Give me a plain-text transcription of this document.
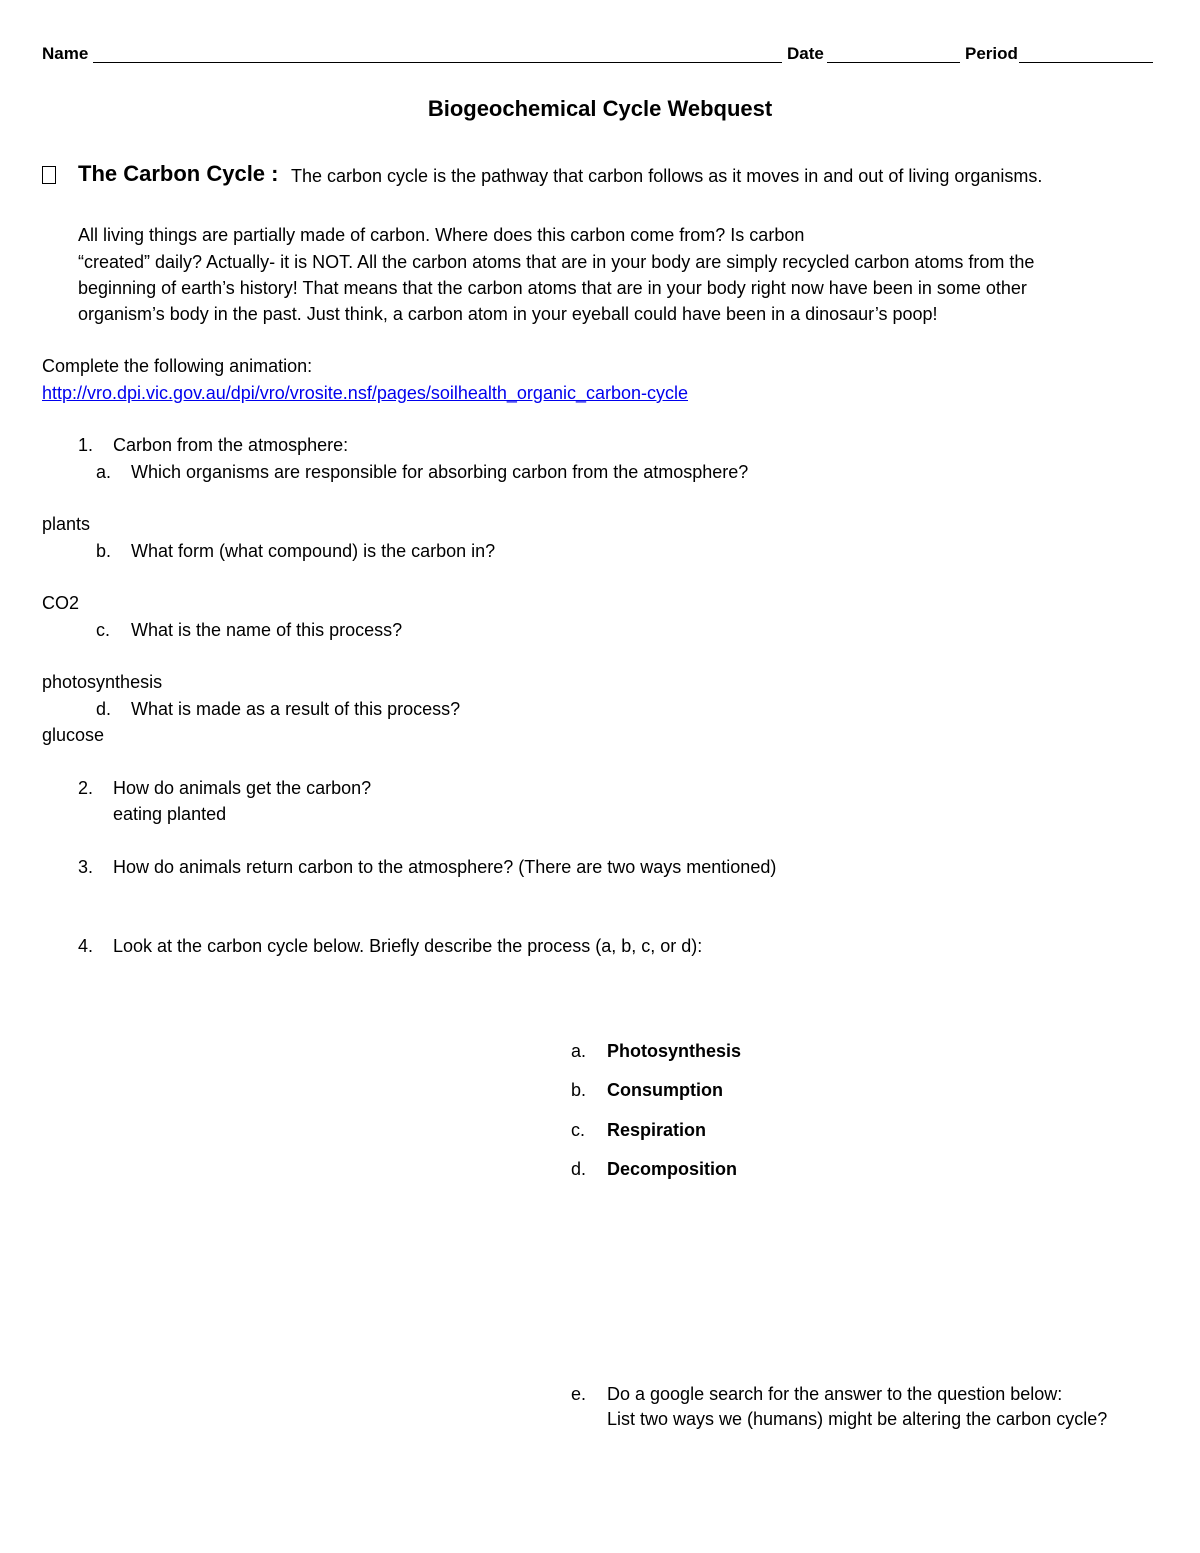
Name	Date	Period
Biogeochemical Cycle Webquest
The Carbon Cycle : The carbon cycle is the pathway that carbon follows as it moves in and out of living organisms.
All living things are partially made of carbon. Where does this carbon come from? Is carbon
“created” daily? Actually- it is NOT. All the carbon atoms that are in your body are simply recycled carbon atoms from the
beginning of earth’s history! That means that the carbon atoms that are in your body right now have been in some other
organism’s body in the past. Just think, a carbon atom in your eyeball could have been in a dinosaur’s poop!
Complete the following animation:
http://vro.dpi.vic.gov.au/dpi/vro/vrosite.nsf/pages/soilhealth_organic_carbon-cycle
1. Carbon from the atmosphere:
a. Which organisms are responsible for absorbing carbon from the atmosphere?
plants
b. What form (what compound) is the carbon in?
CO2
c. What is the name of this process?
photosynthesis
d. What is made as a result of this process?
glucose
2. How do animals get the carbon?
eating planted
3. How do animals return carbon to the atmosphere? (There are two ways mentioned)
4. Look at the carbon cycle below. Briefly describe the process (a, b, c, or d):
a. Photosynthesis
b. Consumption
c. Respiration
d. Decomposition
e. Do a google search for the answer to the question below:
List two ways we (humans) might be altering the carbon cycle?
